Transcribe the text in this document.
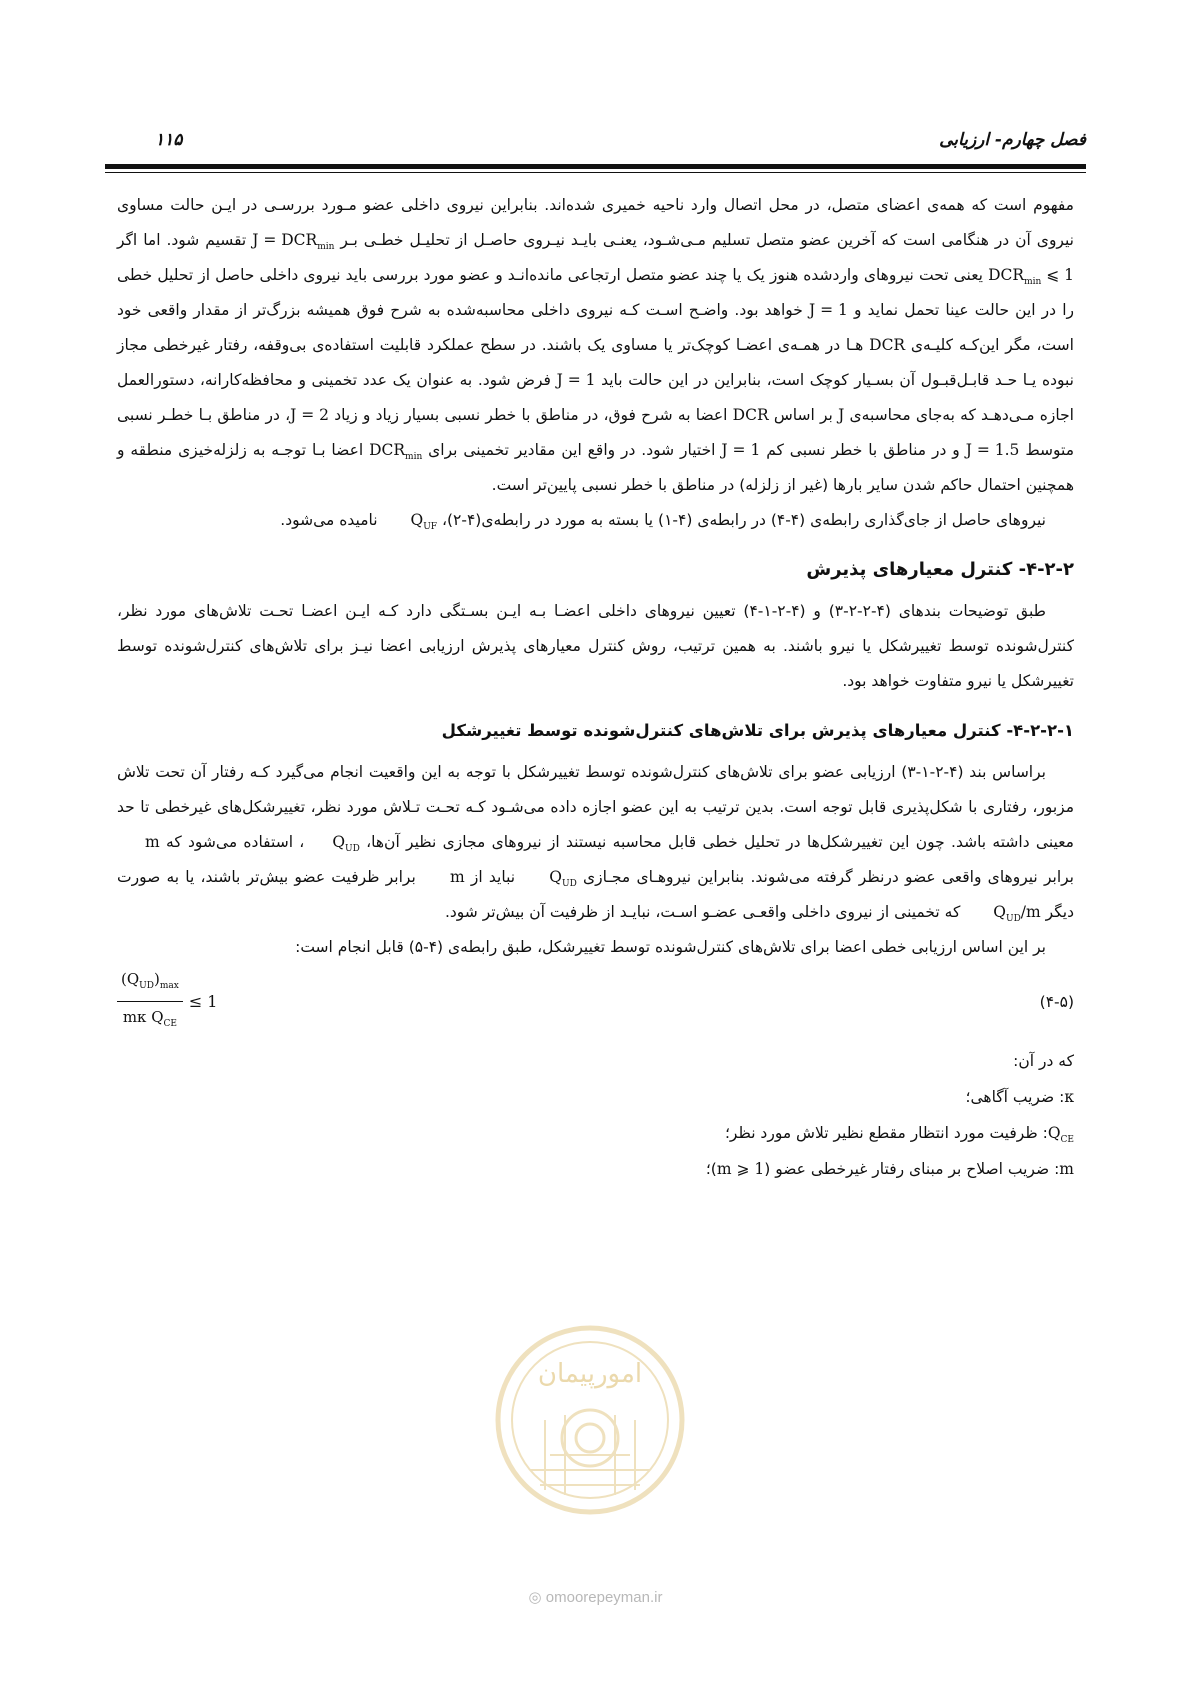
فصل چهارم- ارزیابی
۱۱۵

مفهوم است که همه‌ی اعضای متصل، در محل اتصال وارد ناحیه خمیری شده‌اند. بنابراین نیروی داخلی عضو مـورد بررسـی در ایـن حالت مساوی نیروی آن در هنگامی است که آخرین عضو متصل تسلیم مـی‌شـود، یعنـی بایـد نیـروی حاصـل از تحلیـل خطـی بـر $J = DCR_{min}$ تقسیم شود. اما اگر $DCR_{min}$ ⩽ 1 یعنی تحت نیروهای واردشده هنوز یک یا چند عضو متصل ارتجاعی مانده‌انـد و عضو مورد بررسی باید نیروی داخلی حاصل از تحلیل خطی را در این حالت عینا تحمل نماید و J = 1 خواهد بود. واضـح اسـت کـه نیروی داخلی محاسبه‌شده به شرح فوق همیشه بزرگ‌تر از مقدار واقعی خود است، مگر این‌کـه کلیـه‌ی DCR هـا در همـه‌ی اعضـا کوچک‌تر یا مساوی یک باشند. در سطح عملکرد قابلیت استفاده‌ی بی‌وقفه، رفتار غیرخطی مجاز نبوده یـا حـد قابـل‌قبـول آن بسـیار کوچک است، بنابراین در این حالت باید J = 1 فرض شود. به عنوان یک عدد تخمینی و محافظه‌کارانه، دستورالعمل اجازه مـی‌دهـد که به‌جای محاسبه‌ی J بر اساس DCR اعضا به شرح فوق، در مناطق با خطر نسبی بسیار زیاد و زیاد J = 2، در مناطق بـا خطـر نسبی متوسط J = 1.5 و در مناطق با خطر نسبی کم J = 1 اختیار شود. در واقع این مقادیر تخمینی برای $DCR_{min}$ اعضا بـا توجـه به زلزله‌خیزی منطقه و همچنین احتمال حاکم شدن سایر بارها (غیر از زلزله) در مناطق با خطر نسبی پایین‌تر است.

نیروهای حاصل از جای‌گذاری رابطه‌ی (۴-۴) در رابطه‌ی (۴-۱) یا بسته به مورد در رابطه‌ی(۴-۲)، $Q_{UF}$ نامیده می‌شود.

۴-۲-۲- کنترل معیارهای پذیرش

طبق توضیحات بندهای (۴-۲-۲-۳) و (۴-۲-۱-۴) تعیین نیروهای داخلی اعضـا بـه ایـن بسـتگی دارد کـه ایـن اعضـا تحـت تلاش‌های مورد نظر، کنترل‌شونده توسط تغییرشکل یا نیرو باشند. به همین ترتیب، روش کنترل معیارهای پذیرش ارزیابی اعضا نیـز برای تلاش‌های کنترل‌شونده توسط تغییرشکل یا نیرو متفاوت خواهد بود.

۴-۲-۲-۱- کنترل معیارهای پذیرش برای تلاش‌های کنترل‌شونده توسط تغییرشکل

براساس بند (۴-۲-۱-۳) ارزیابی عضو برای تلاش‌های کنترل‌شونده توسط تغییرشکل با توجه به این واقعیت انجام می‌گیرد کـه رفتار آن تحت تلاش مزبور، رفتاری با شکل‌پذیری قابل توجه است. بدین ترتیب به این عضو اجازه داده می‌شـود کـه تحـت تـلاش مورد نظر، تغییرشکل‌های غیرخطی تا حد معینی داشته باشد. چون این تغییرشکل‌ها در تحلیل خطی قابل محاسبه نیستند از نیروهای مجازی نظیر آن‌ها، $Q_{UD}،$ استفاده می‌شود که m برابر نیروهای واقعی عضو درنظر گرفته می‌شوند. بنابراین نیروهـای مجـازی $Q_{UD}$ نباید از m برابر ظرفیت عضو بیش‌تر باشند، یا به صورت دیگر $Q_{UD}/m$ که تخمینی از نیروی داخلی واقعـی عضـو اسـت، نبایـد از ظرفیت آن بیش‌تر شود.

بر این اساس ارزیابی خطی اعضا برای تلاش‌های کنترل‌شونده توسط تغییرشکل، طبق رابطه‌ی (۴-۵) قابل انجام است:

(۴-۵)
$\frac{(Q_{UD})_{max}}{m\kappa Q_{CE}} \le 1$

که در آن:

κ: ضریب آگاهی؛

$Q_{CE}$: ظرفیت مورد انتظار مقطع نظیر تلاش مورد نظر؛

m: ضریب اصلاح بر مبنای رفتار غیرخطی عضو (m ⩾ 1)؛

امورپیمان
◎ omoorepeyman.ir
